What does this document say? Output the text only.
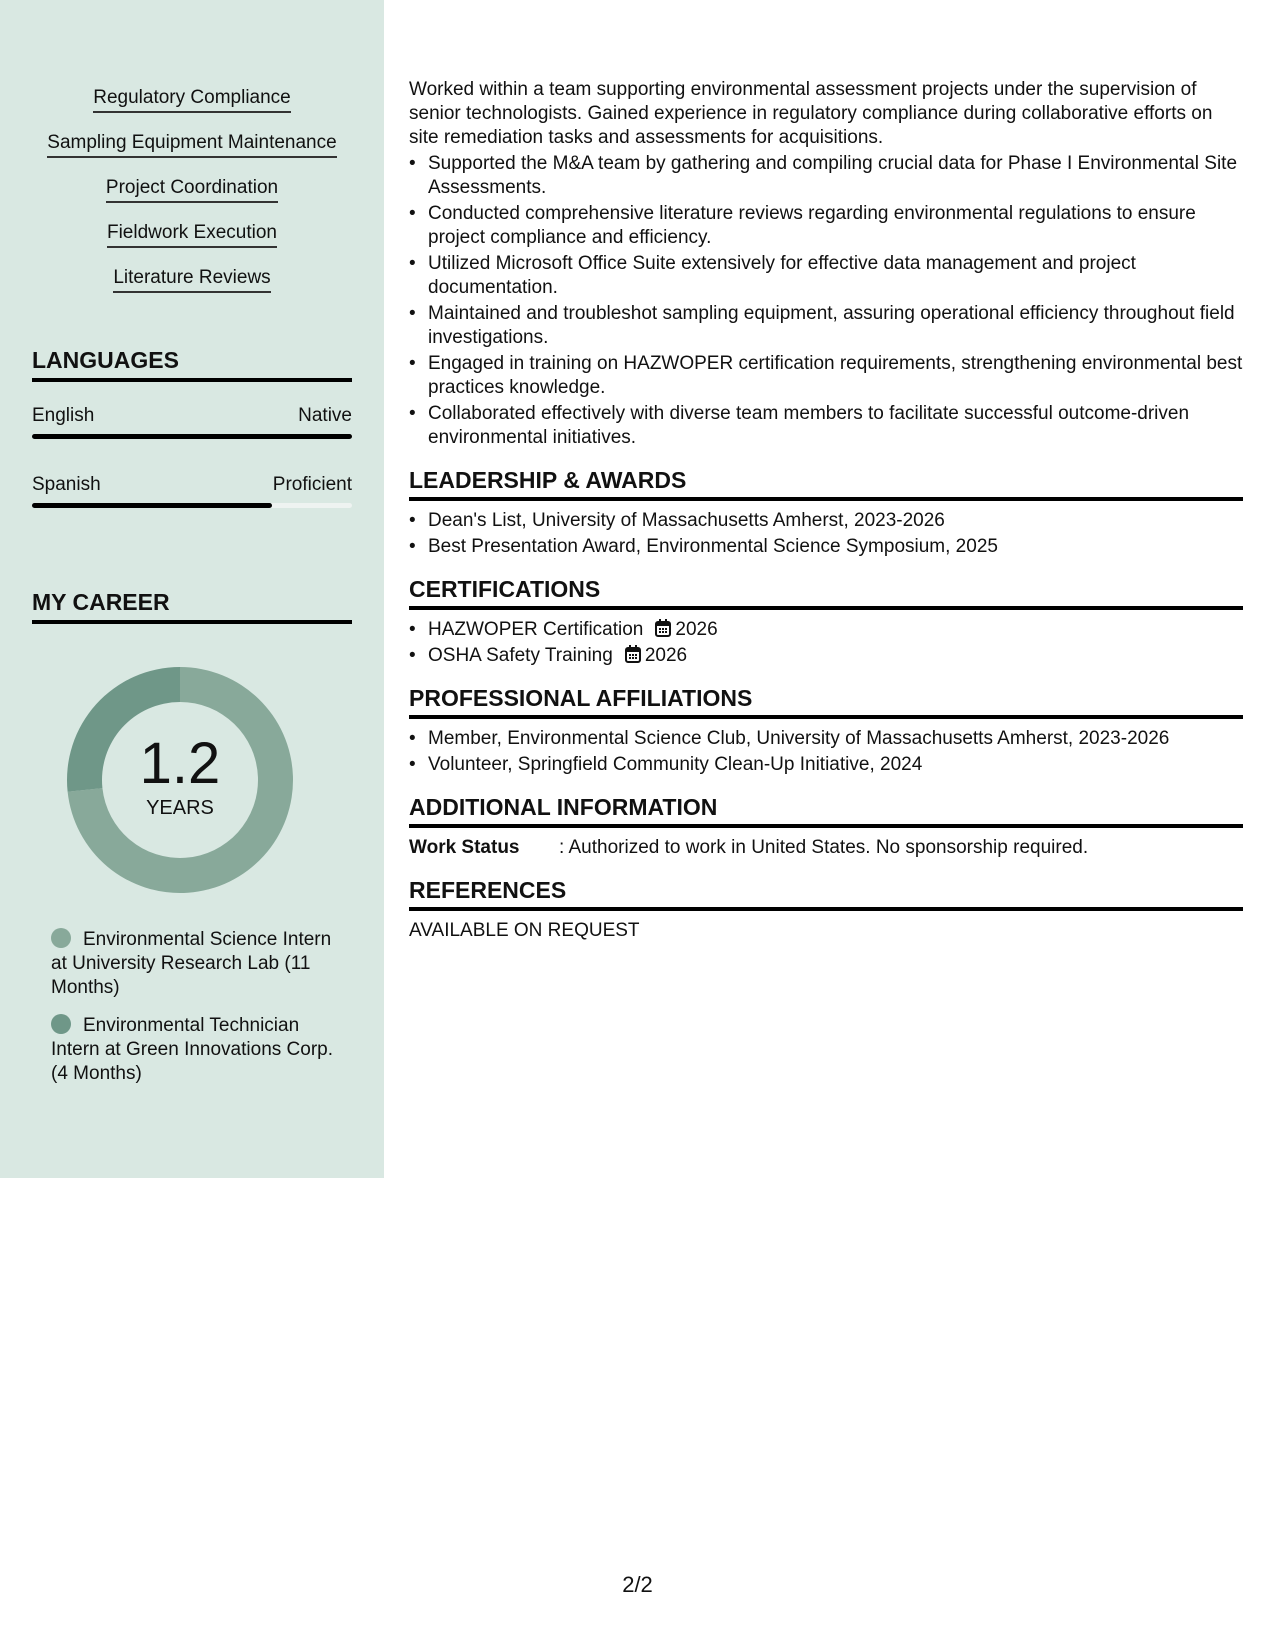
Regulatory Compliance
Sampling Equipment Maintenance
Project Coordination
Fieldwork Execution
Literature Reviews
LANGUAGES
English	Native
Spanish	Proficient
MY CAREER
1.2
YEARS
Environmental Science Intern at University Research Lab (11 Months)
Environmental Technician Intern at Green Innovations Corp. (4 Months)

Worked within a team supporting environmental assessment projects under the supervision of senior technologists. Gained experience in regulatory compliance during collaborative efforts on site remediation tasks and assessments for acquisitions.

• Supported the M&A team by gathering and compiling crucial data for Phase I Environmental Site Assessments.
• Conducted comprehensive literature reviews regarding environmental regulations to ensure project compliance and efficiency.
• Utilized Microsoft Office Suite extensively for effective data management and project documentation.
• Maintained and troubleshot sampling equipment, assuring operational efficiency throughout field investigations.
• Engaged in training on HAZWOPER certification requirements, strengthening environmental best practices knowledge.
• Collaborated effectively with diverse team members to facilitate successful outcome-driven environmental initiatives.
LEADERSHIP & AWARDS
• Dean's List, University of Massachusetts Amherst, 2023-2026
• Best Presentation Award, Environmental Science Symposium, 2025
CERTIFICATIONS
• HAZWOPER Certification 2026
• OSHA Safety Training 2026
PROFESSIONAL AFFILIATIONS
• Member, Environmental Science Club, University of Massachusetts Amherst, 2023-2026
• Volunteer, Springfield Community Clean-Up Initiative, 2024
ADDITIONAL INFORMATION
Work Status	: Authorized to work in United States. No sponsorship required.
REFERENCES
AVAILABLE ON REQUEST
2/2
